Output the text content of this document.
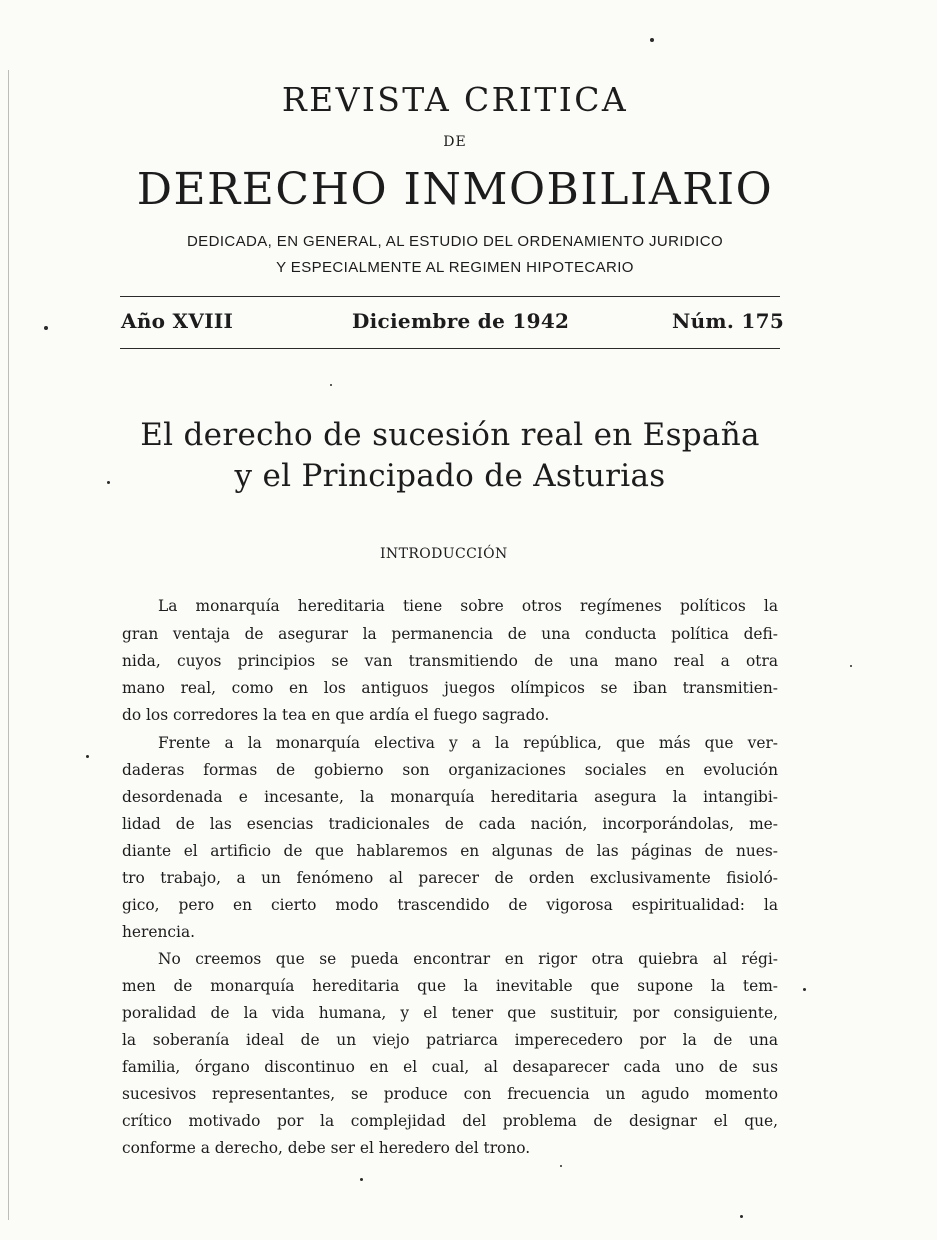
REVISTA CRITICA
DE
DERECHO INMOBILIARIO
DEDICADA, EN GENERAL, AL ESTUDIO DEL ORDENAMIENTO JURIDICO
Y ESPECIALMENTE AL REGIMEN HIPOTECARIO
Año XVIII	Diciembre de 1942	Núm. 175
El derecho de sucesión real en España
y el Principado de Asturias
INTRODUCCIÓN
La monarquía hereditaria tiene sobre otros regímenes políticos la
gran ventaja de asegurar la permanencia de una conducta política defi-
nida, cuyos principios se van transmitiendo de una mano real a otra
mano real, como en los antiguos juegos olímpicos se iban transmitien-
do los corredores la tea en que ardía el fuego sagrado.
Frente a la monarquía electiva y a la república, que más que ver-
daderas formas de gobierno son organizaciones sociales en evolución
desordenada e incesante, la monarquía hereditaria asegura la intangibi-
lidad de las esencias tradicionales de cada nación, incorporándolas, me-
diante el artificio de que hablaremos en algunas de las páginas de nues-
tro trabajo, a un fenómeno al parecer de orden exclusivamente fisioló-
gico, pero en cierto modo trascendido de vigorosa espiritualidad: la
herencia.
No creemos que se pueda encontrar en rigor otra quiebra al régi-
men de monarquía hereditaria que la inevitable que supone la tem-
poralidad de la vida humana, y el tener que sustituir, por consiguiente,
la soberanía ideal de un viejo patriarca imperecedero por la de una
familia, órgano discontinuo en el cual, al desaparecer cada uno de sus
sucesivos representantes, se produce con frecuencia un agudo momento
crítico motivado por la complejidad del problema de designar el que,
conforme a derecho, debe ser el heredero del trono.
